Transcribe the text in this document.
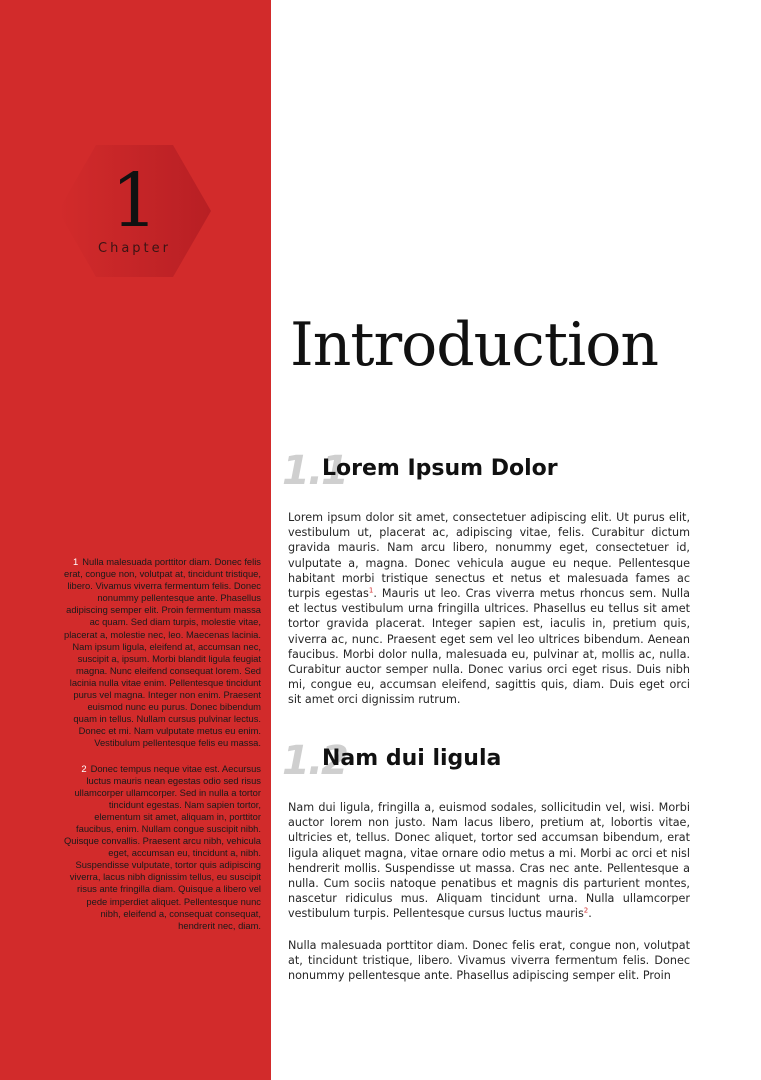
1
Chapter

1 Nulla malesuada porttitor diam. Donec felis erat, congue non, volutpat at, tincidunt tristique, libero. Vivamus viverra fermentum felis. Donec nonummy pellentesque ante. Phasellus adipiscing semper elit. Proin fermentum massa ac quam. Sed diam turpis, molestie vitae, placerat a, molestie nec, leo. Maecenas lacinia. Nam ipsum ligula, eleifend at, accumsan nec, suscipit a, ipsum. Morbi blandit ligula feugiat magna. Nunc eleifend consequat lorem. Sed lacinia nulla vitae enim. Pellentesque tincidunt purus vel magna. Integer non enim. Praesent euismod nunc eu purus. Donec bibendum quam in tellus. Nullam cursus pulvinar lectus. Donec et mi. Nam vulputate metus eu enim. Vestibulum pellentesque felis eu massa.

2 Donec tempus neque vitae est. Aecursus luctus mauris nean egestas odio sed risus ullamcorper ullamcorper. Sed in nulla a tortor tincidunt egestas. Nam sapien tortor, elementum sit amet, aliquam in, porttitor faucibus, enim. Nullam congue suscipit nibh. Quisque convallis. Praesent arcu nibh, vehicula eget, accumsan eu, tincidunt a, nibh. Suspendisse vulputate, tortor quis adipiscing viverra, lacus nibh dignissim tellus, eu suscipit risus ante fringilla diam. Quisque a libero vel pede imperdiet aliquet. Pellentesque nunc nibh, eleifend a, consequat consequat, hendrerit nec, diam.

Introduction
1.1
Lorem Ipsum Dolor

Lorem ipsum dolor sit amet, consectetuer adipiscing elit. Ut purus elit, vestibulum ut, placerat ac, adipiscing vitae, felis. Curabitur dictum gravida mauris. Nam arcu libero, nonummy eget, consectetuer id, vulputate a, magna. Donec vehicula augue eu neque. Pellentesque habitant morbi tristique senectus et netus et malesuada fames ac turpis egestas$^1$. Mauris ut leo. Cras viverra metus rhoncus sem. Nulla et lectus vestibulum urna fringilla ultrices. Phasellus eu tellus sit amet tortor gravida placerat. Integer sapien est, iaculis in, pretium quis, viverra ac, nunc. Praesent eget sem vel leo ultrices bibendum. Aenean faucibus. Morbi dolor nulla, malesuada eu, pulvinar at, mollis ac, nulla. Curabitur auctor semper nulla. Donec varius orci eget risus. Duis nibh mi, congue eu, accumsan eleifend, sagittis quis, diam. Duis eget orci sit amet orci dignissim rutrum.

1.2
Nam dui ligula

Nam dui ligula, fringilla a, euismod sodales, sollicitudin vel, wisi. Morbi auctor lorem non justo. Nam lacus libero, pretium at, lobortis vitae, ultricies et, tellus. Donec aliquet, tortor sed accumsan bibendum, erat ligula aliquet magna, vitae ornare odio metus a mi. Morbi ac orci et nisl hendrerit mollis. Suspendisse ut massa. Cras nec ante. Pellentesque a nulla. Cum sociis natoque penatibus et magnis dis parturient montes, nascetur ridiculus mus. Aliquam tincidunt urna. Nulla ullamcorper vestibulum turpis. Pellentesque cursus luctus mauris$^2$.

Nulla malesuada porttitor diam. Donec felis erat, congue non, volutpat at, tincidunt tristique, libero. Vivamus viverra fermentum felis. Donec nonummy pellentesque ante. Phasellus adipiscing semper elit. Proin
